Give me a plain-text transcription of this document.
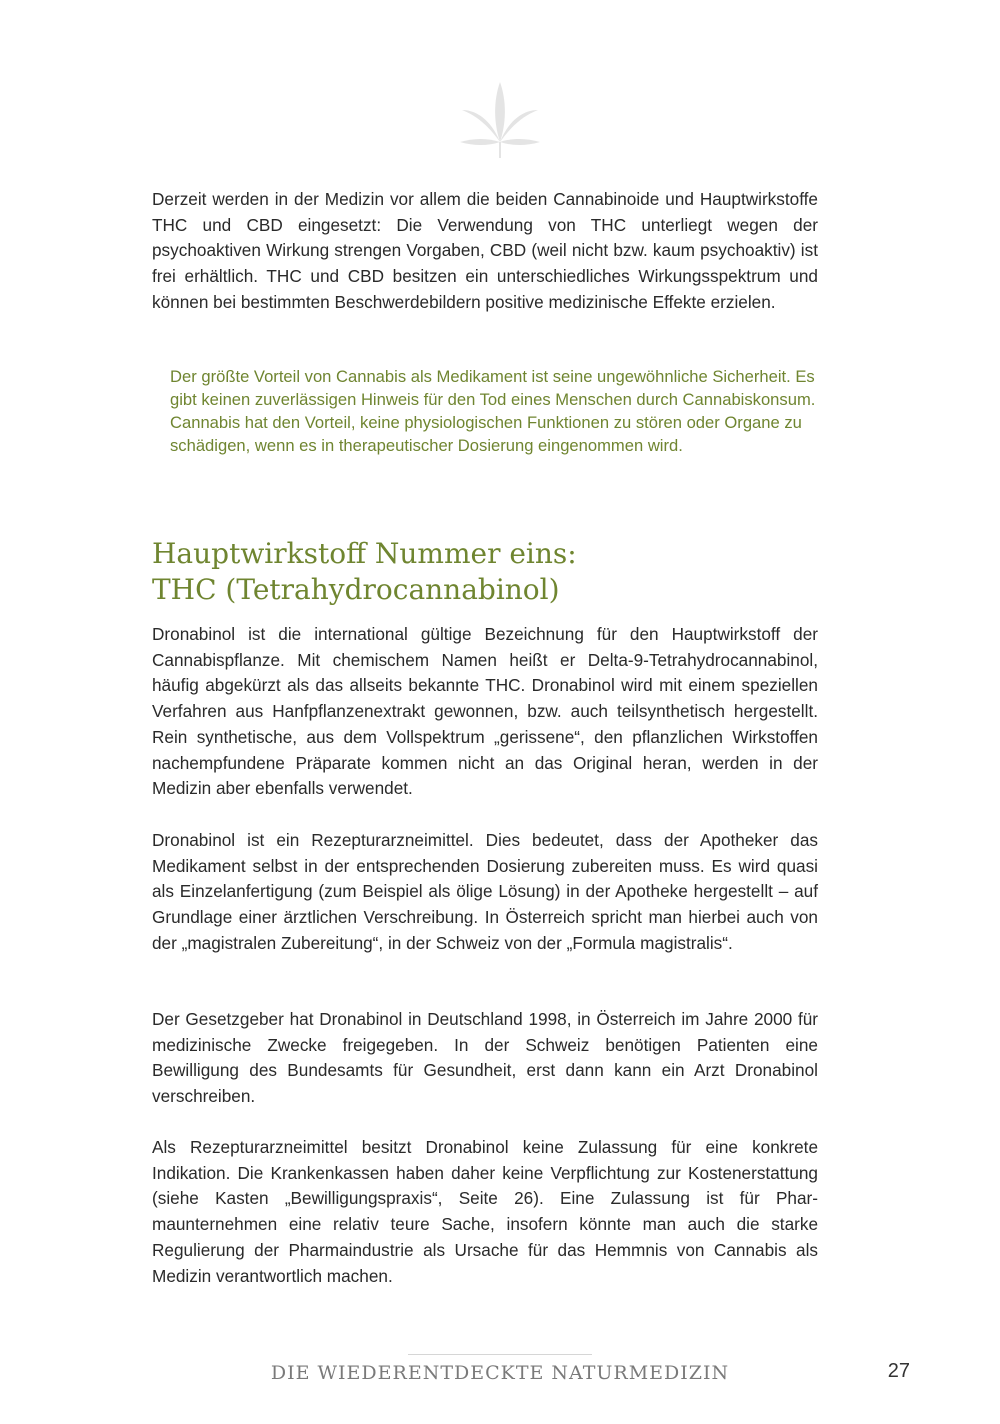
Derzeit werden in der Medizin vor allem die beiden Cannabinoide und Hauptwirkstoffe THC und CBD eingesetzt: Die Verwendung von THC unterliegt wegen der psychoaktiven Wirkung strengen Vorgaben, CBD (weil nicht bzw. kaum psychoaktiv) ist frei erhältlich. THC und CBD besitzen ein unterschiedliches Wirkungsspektrum und können bei bestimmten Beschwerdebildern positive medizinische Effekte erzielen.

Der größte Vorteil von Cannabis als Medikament ist seine ungewöhnliche Sicherheit. Es gibt keinen zuverlässigen Hinweis für den Tod eines Menschen durch Cannabiskonsum. Cannabis hat den Vorteil, keine physiologischen Funktionen zu stören oder Organe zu schädigen, wenn es in therapeutischer Dosierung eingenommen wird.

Hauptwirkstoff Nummer eins:
THC (Tetrahydrocannabinol)

Dronabinol ist die international gültige Bezeichnung für den Hauptwirkstoff der Cannabispflanze. Mit chemischem Namen heißt er Delta-9-Tetrahydrocannabinol, häufig abgekürzt als das allseits bekannte THC. Dronabinol wird mit einem speziellen Verfahren aus Hanfpflanzenextrakt gewonnen, bzw. auch teilsynthetisch hergestellt. Rein synthetische, aus dem Vollspektrum „gerissene“, den pflanzlichen Wirkstoffen nachempfundene Präparate kommen nicht an das Original heran, werden in der Medizin aber ebenfalls verwendet.

Dronabinol ist ein Rezepturarzneimittel. Dies bedeutet, dass der Apotheker das Medikament selbst in der entsprechenden Dosierung zubereiten muss. Es wird quasi als Einzelanfertigung (zum Beispiel als ölige Lösung) in der Apotheke hergestellt – auf Grundlage einer ärztlichen Verschreibung. In Österreich spricht man hierbei auch von der „magistralen Zubereitung“, in der Schweiz von der „Formula magistralis“.

Der Gesetzgeber hat Dronabinol in Deutschland 1998, in Österreich im Jahre 2000 für medizinische Zwecke freigegeben. In der Schweiz benötigen Patienten eine Bewilligung des Bundesamts für Gesundheit, erst dann kann ein Arzt Dronabinol verschreiben.

Als Rezepturarzneimittel besitzt Dronabinol keine Zulassung für eine konkrete Indikation. Die Krankenkassen haben daher keine Verpflichtung zur Kostenerstattung (siehe Kasten „Bewilligungspraxis“, Seite 26). Eine Zulassung ist für Pharmaunternehmen eine relativ teure Sache, insofern könnte man auch die starke Regulierung der Pharmaindustrie als Ursache für das Hemmnis von Cannabis als Medizin verantwortlich machen.

DIE WIEDERENTDECKTE NATURMEDIZIN	27
